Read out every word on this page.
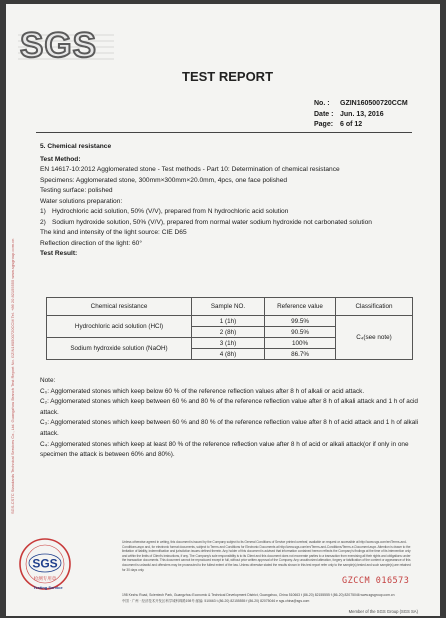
SGS-CSTC Standards Technical Services Co., Ltd. Guangzhou Branch Test Report No. GZIN160500720CCM Tel. +86 20 82155555 www.sgsgroup.com.cn
SGS
TEST REPORT
No. :	GZIN160500720CCM
Date : Jun. 13, 2016
Page: 6 of 12
5. Chemical resistance
Test Method:
EN 14617-10:2012 Agglomerated stone - Test methods - Part 10: Determination of chemical resistance
Specimens: Agglomerated stone, 300mm×300mm×20.0mm, 4pcs, one face polished
Testing surface: polished
Water solutions preparation:
1) Hydrochloric acid solution, 50% (V/V), prepared from N hydrochloric acid solution
2) Sodium hydroxide solution, 50% (V/V), prepared from normal water sodium hydroxide not carbonated solution
The kind and intensity of the light source: CIE D65
Reflection direction of the light: 60°
Test Result:
Chemical resistance	Sample NO.	Reference value	Classification
Hydrochloric acid solution (HCl)	1 (1h)	99.5%	C₄(see note)
	2 (8h)	90.5%	
Sodium hydroxide solution (NaOH)	3 (1h)	100%	
	4 (8h)	86.7%	
Note:
C₀: Agglomerated stones which keep below 60 % of the reference reflection values after 8 h of alkali or acid attack.
C₂: Agglomerated stones which keep between 60 % and 80 % of the reference reflection value after 8 h of alkali attack and 1 h of acid attack.
C₃: Agglomerated stones which keep between 60 % and 80 % of the reference reflection value after 8 h of acid attack and 1 h of alkali attack.
C₄: Agglomerated stones which keep at least 80 % of the reference reflection value after 8 h of acid or alkali attack(or if only in one specimen the attack is between 60% and 80%).
SGS
检测专用章
Testing Service
Unless otherwise agreed in writing, this document is issued by the Company subject to its General Conditions of Service printed overleaf, available on request or accessible at http://www.sgs.com/en/Terms-and-Conditions.aspx and, for electronic format documents, subject to Terms and Conditions for Electronic Documents at http://www.sgs.com/en/Terms-and-Conditions/Terms-e-Document.aspx. Attention is drawn to the limitation of liability, indemnification and jurisdiction issues defined therein. Any holder of this document is advised that information contained hereon reflects the Company's findings at the time of its intervention only and within the limits of Client's instructions, if any. The Company's sole responsibility is to its Client and this document does not exonerate parties to a transaction from exercising all their rights and obligations under the transaction documents. This document cannot be reproduced except in full, without prior written approval of the Company. Any unauthorized alteration, forgery or falsification of the content or appearance of this document is unlawful and offenders may be prosecuted to the fullest extent of the law. Unless otherwise stated the results shown in this test report refer only to the sample(s) tested and such sample(s) are retained for 30 days only.
GZCCM 016573
198 Kezhu Road, Scientech Park, Guangzhou Economic & Technical Development District, Guangzhou, China 510663 t (86-20) 82155555 f (86-20) 82075046 www.sgsgroup.com.cn
中国 · 广州 · 经济技术开发区科学城科珠路198号 邮编: 510663 t (86-20) 82155555 f (86-20) 82075046 e sgs.china@sgs.com
Member of the SGS Group (SGS SA)
